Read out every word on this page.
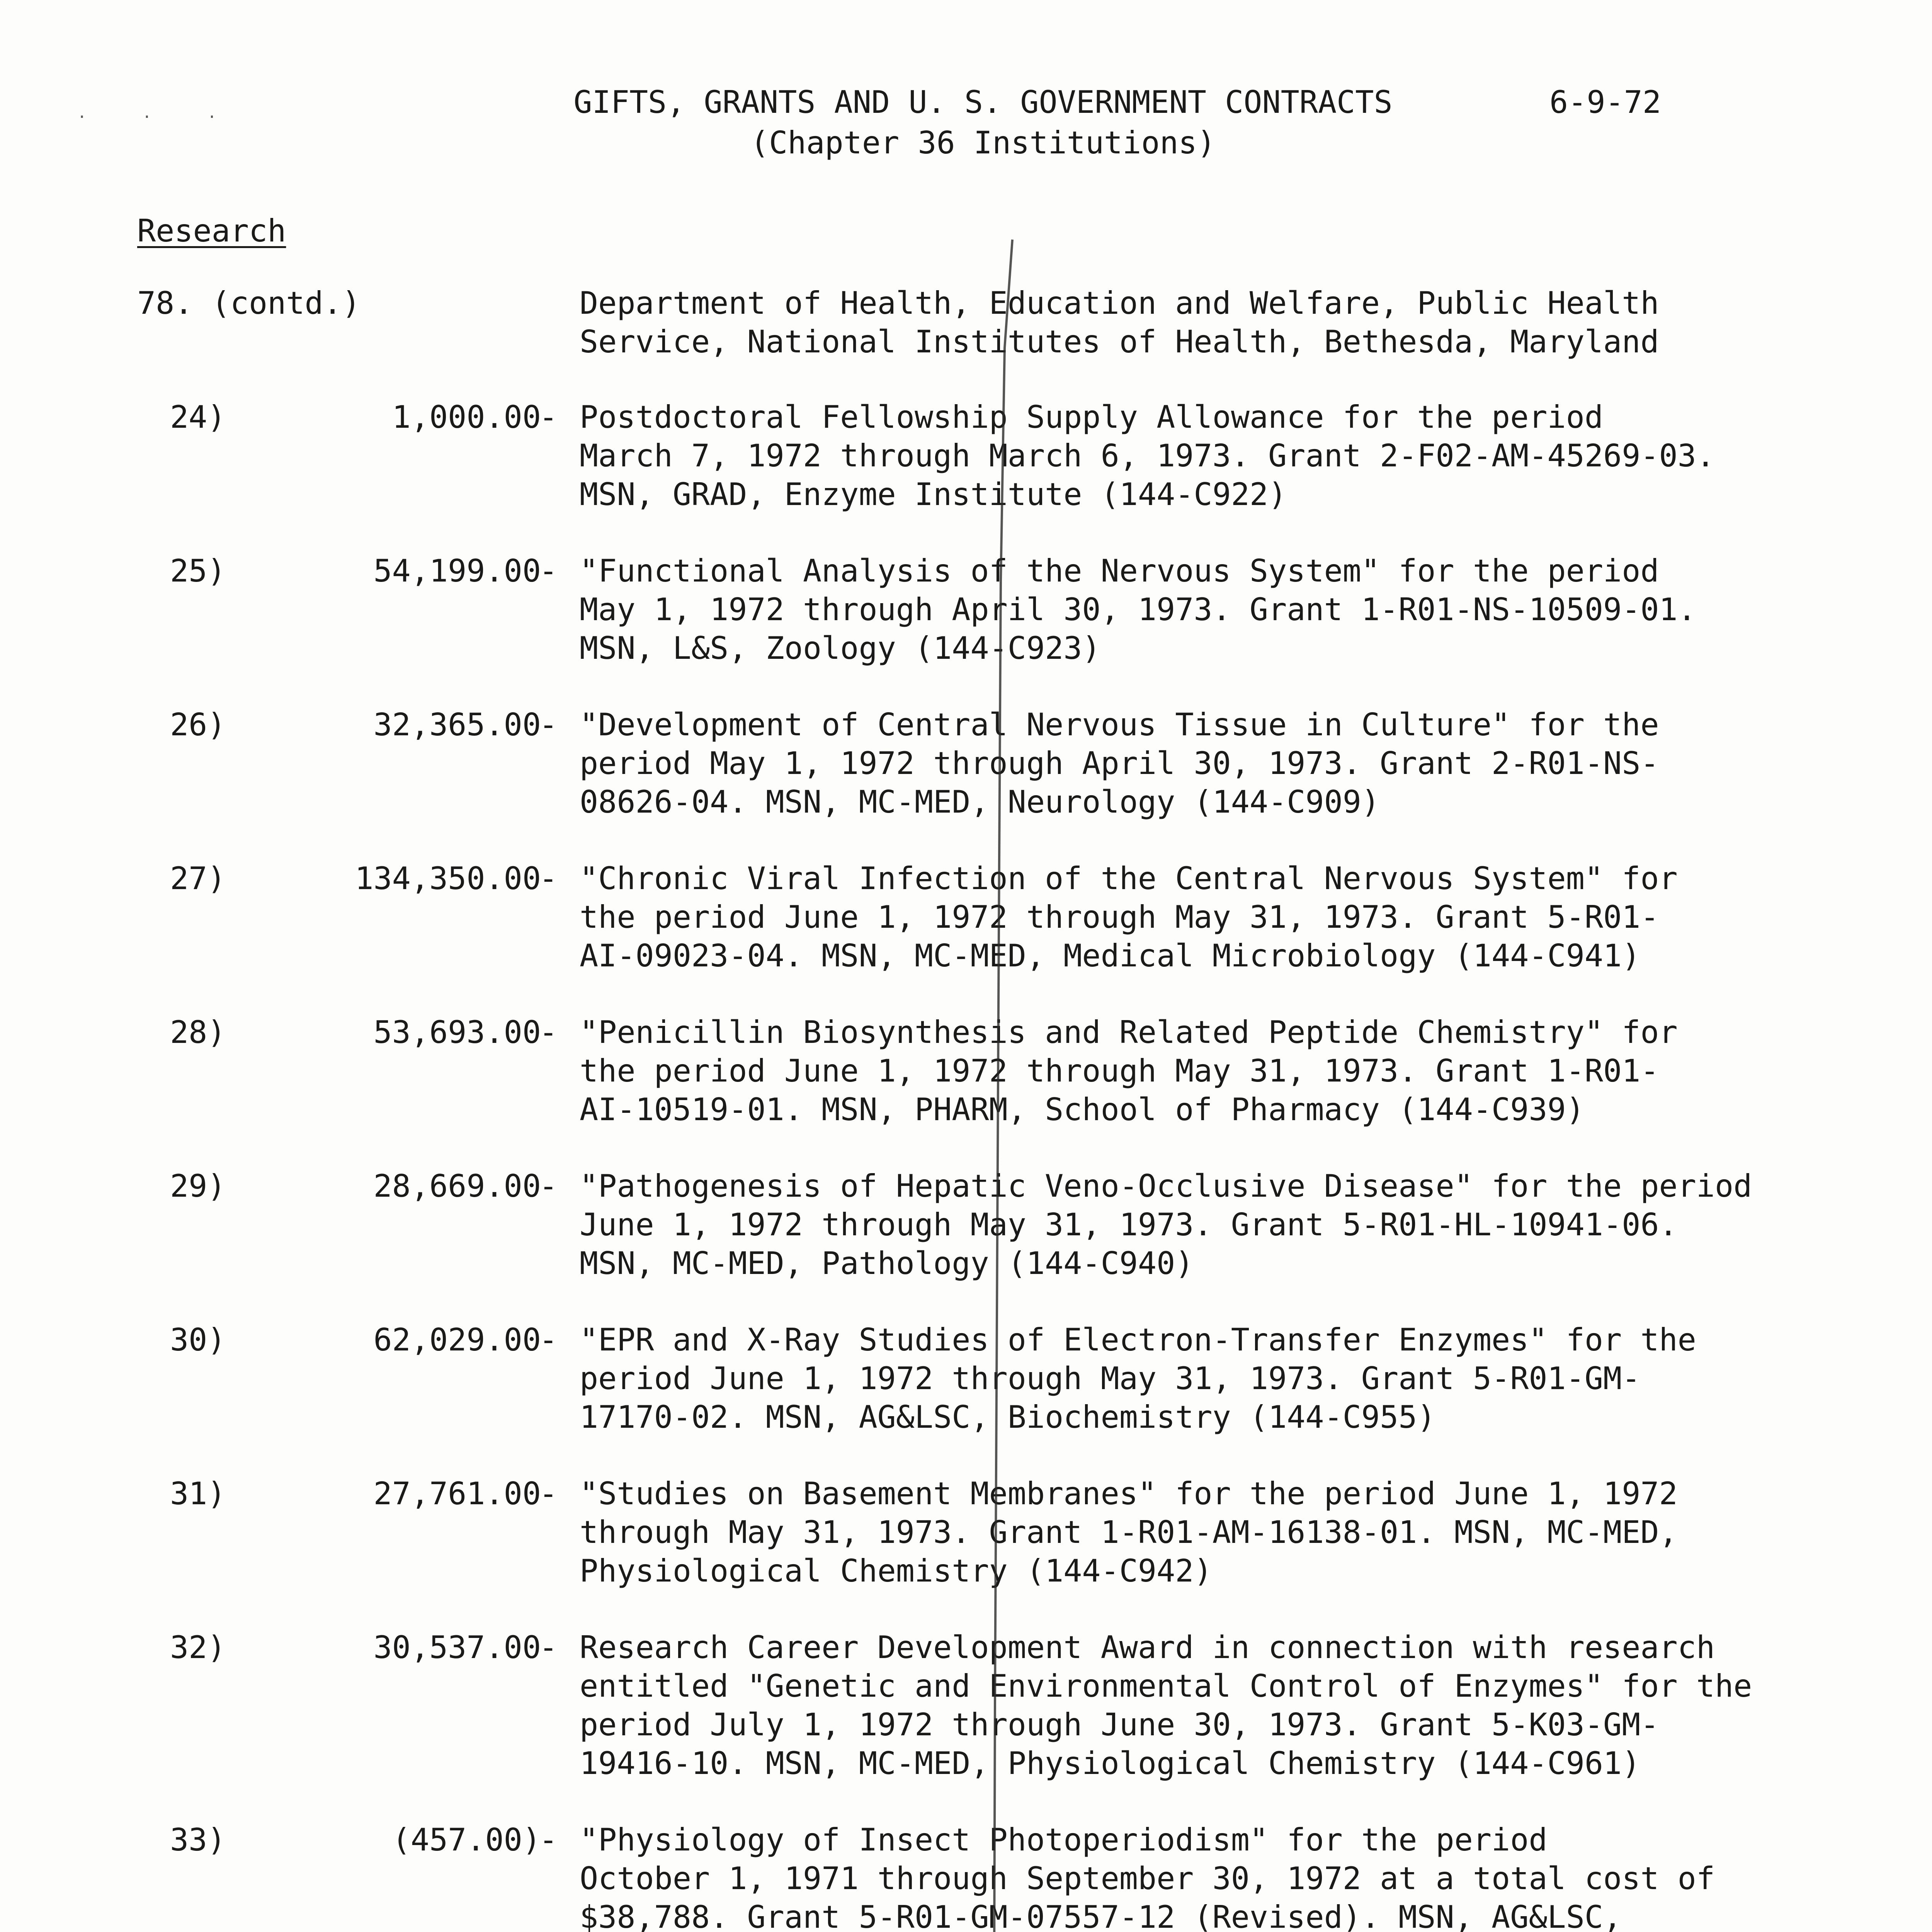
GIFTS, GRANTS AND U. S. GOVERNMENT CONTRACTS
(Chapter 36 Institutions)
6-9-72
· · ·
Research
78. (contd.)	Department of Health, Education and Welfare, Public Health
Service, National Institutes of Health, Bethesda, Maryland
24)	1,000.00
- Postdoctoral Fellowship Supply Allowance for the period
March 7, 1972 through March 6, 1973. Grant 2-F02-AM-45269-03.
MSN, GRAD, Enzyme Institute (144-C922)
25)	54,199.00
- "Functional Analysis of the Nervous System" for the period
May 1, 1972 through April 30, 1973. Grant 1-R01-NS-10509-01.
MSN, L&S, Zoology (144-C923)
26)	32,365.00
- "Development of Central Nervous Tissue in Culture" for the
period May 1, 1972 through April 30, 1973. Grant 2-R01-NS-
08626-04. MSN, MC-MED, Neurology (144-C909)
27)	134,350.00
- "Chronic Viral Infection of the Central Nervous System" for
the period June 1, 1972 through May 31, 1973. Grant 5-R01-
AI-09023-04. MSN, MC-MED, Medical Microbiology (144-C941)
28)	53,693.00
- "Penicillin Biosynthesis and Related Peptide Chemistry" for
the period June 1, 1972 through May 31, 1973. Grant 1-R01-
AI-10519-01. MSN, PHARM, School of Pharmacy (144-C939)
29)	28,669.00
- "Pathogenesis of Hepatic Veno-Occlusive Disease" for the period
June 1, 1972 through May 31, 1973. Grant 5-R01-HL-10941-06.
MSN, MC-MED, Pathology (144-C940)
30)	62,029.00
- "EPR and X-Ray Studies of Electron-Transfer Enzymes" for the
period June 1, 1972 through May 31, 1973. Grant 5-R01-GM-
17170-02. MSN, AG&LSC, Biochemistry (144-C955)
31)	27,761.00
- "Studies on Basement Membranes" for the period June 1, 1972
through May 31, 1973. Grant 1-R01-AM-16138-01. MSN, MC-MED,
Physiological Chemistry (144-C942)
32)	30,537.00
- Research Career Development Award in connection with research
entitled "Genetic and Environmental Control of Enzymes" for the
period July 1, 1972 through June 30, 1973. Grant 5-K03-GM-
19416-10. MSN, MC-MED, Physiological Chemistry (144-C961)
33)	(457.00)
- "Physiology of Insect Photoperiodism" for the period
October 1, 1971 through September 30, 1972 at a total cost of
$38,788. Grant 5-R01-GM-07557-12 (Revised). MSN, AG&LSC,
